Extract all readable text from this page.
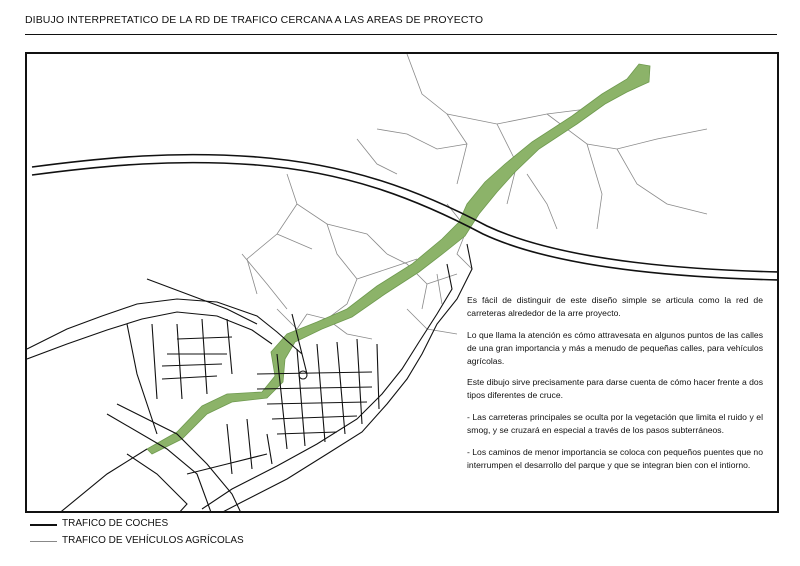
DIBUJO INTERPRETATICO DE LA RD DE TRAFICO CERCANA A LAS AREAS DE PROYECTO

Es fácil de distinguir de este diseño simple se articula como la red de carreteras alrededor de la arre proyecto.

Lo que llama la atención es cómo attravesata en algunos puntos de las calles de una gran importancia y más a menudo de pequeñas calles, para vehículos agrícolas.

Este dibujo sirve precisamente para darse cuenta de cómo hacer frente a dos tipos diferentes de cruce.

- Las carreteras principales se oculta por la vegetación que limita el ruido y el smog, y se cruzará en especial a través de los pasos subterráneos.

- Los caminos de menor importancia se coloca con pequeños puentes que no interrumpen el desarrollo del parque y que se integran bien con el intiorno.

TRAFICO DE COCHES
TRAFICO DE VEHÍCULOS AGRÍCOLAS
